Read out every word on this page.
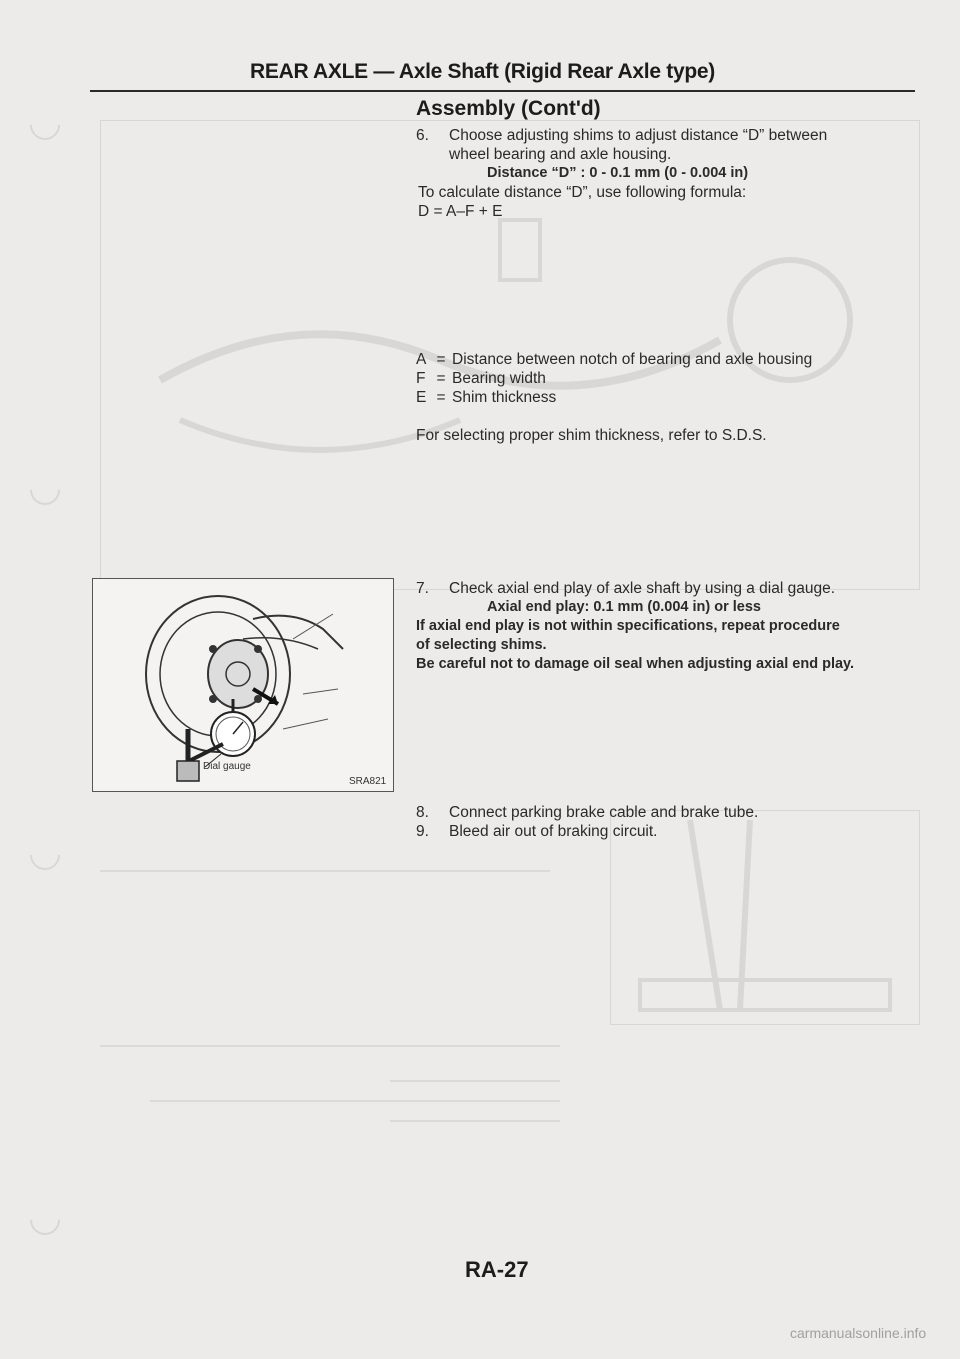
REAR AXLE — Axle Shaft (Rigid Rear Axle type)
Assembly (Cont'd)
6. Choose adjusting shims to adjust distance “D” between
wheel bearing and axle housing.
Distance “D” : 0 - 0.1 mm (0 - 0.004 in)
To calculate distance “D”, use following formula:
D = A–F + E
A = Distance between notch of bearing and axle housing
F = Bearing width
E = Shim thickness
For selecting proper shim thickness, refer to S.D.S.
Dial gauge
SRA821
7. Check axial end play of axle shaft by using a dial gauge.
Axial end play: 0.1 mm (0.004 in) or less
If axial end play is not within specifications, repeat procedure
of selecting shims.
Be careful not to damage oil seal when adjusting axial end play.
8. Connect parking brake cable and brake tube.
9. Bleed air out of braking circuit.
RA-27
carmanualsonline.info
